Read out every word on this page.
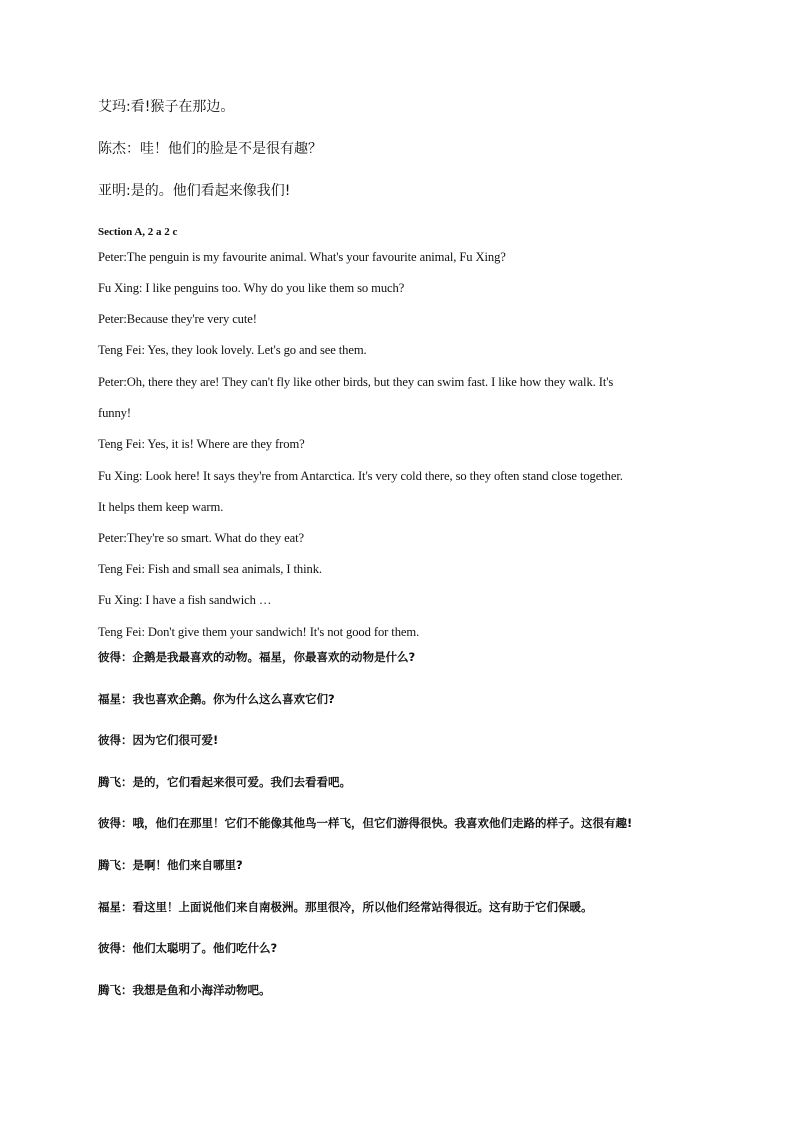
艾玛:看!猴子在那边。
陈杰：哇！他们的脸是不是很有趣？
亚明:是的。他们看起来像我们!
Section A, 2 a 2 c
Peter:The penguin is my favourite animal. What's your favourite animal, Fu Xing?
Fu Xing: I like penguins too. Why do you like them so much?
Peter:Because they're very cute!
Teng Fei: Yes, they look lovely. Let's go and see them.
Peter:Oh, there they are! They can't fly like other birds, but they can swim fast. I like how they walk. It's
funny!
Teng Fei: Yes, it is! Where are they from?
Fu Xing: Look here! It says they're from Antarctica. It's very cold there, so they often stand close together.
It helps them keep warm.
Peter:They're so smart. What do they eat?
Teng Fei: Fish and small sea animals, I think.
Fu Xing: I have a fish sandwich …
Teng Fei: Don't give them your sandwich! It's not good for them.
彼得：企鹅是我最喜欢的动物。福星，你最喜欢的动物是什么?
福星：我也喜欢企鹅。你为什么这么喜欢它们?
彼得：因为它们很可爱!
腾飞：是的，它们看起来很可爱。我们去看看吧。
彼得：哦，他们在那里！它们不能像其他鸟一样飞，但它们游得很快。我喜欢他们走路的样子。这很有趣!
腾飞：是啊！他们来自哪里?
福星：看这里！上面说他们来自南极洲。那里很冷，所以他们经常站得很近。这有助于它们保暖。
彼得：他们太聪明了。他们吃什么?
腾飞：我想是鱼和小海洋动物吧。
